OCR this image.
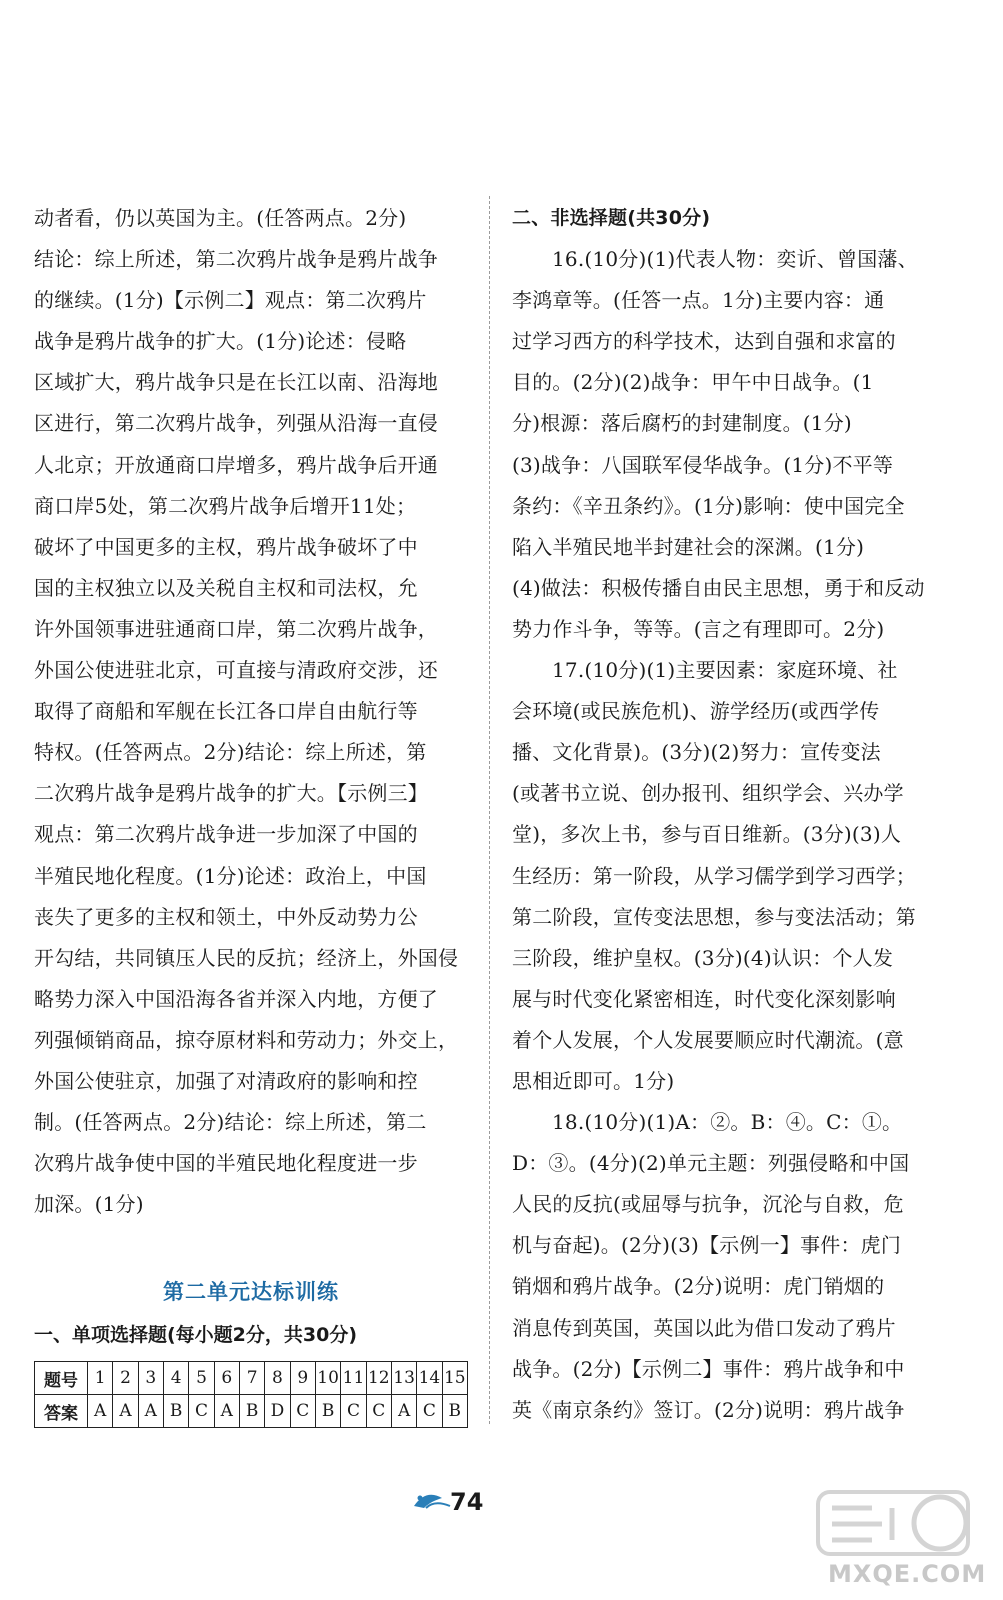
动者看，仍以英国为主。(任答两点。2分)
结论：综上所述，第二次鸦片战争是鸦片战争
的继续。(1分)【示例二】观点：第二次鸦片
战争是鸦片战争的扩大。(1分)论述：侵略
区域扩大，鸦片战争只是在长江以南、沿海地
区进行，第二次鸦片战争，列强从沿海一直侵
人北京；开放通商口岸增多，鸦片战争后开通
商口岸5处，第二次鸦片战争后增开11处；
破坏了中国更多的主权，鸦片战争破坏了中
国的主权独立以及关税自主权和司法权，允
许外国领事进驻通商口岸，第二次鸦片战争，
外国公使进驻北京，可直接与清政府交涉，还
取得了商船和军舰在长江各口岸自由航行等
特权。(任答两点。2分)结论：综上所述，第
二次鸦片战争是鸦片战争的扩大。【示例三】
观点：第二次鸦片战争进一步加深了中国的
半殖民地化程度。(1分)论述：政治上，中国
丧失了更多的主权和领土，中外反动势力公
开勾结，共同镇压人民的反抗；经济上，外国侵
略势力深入中国沿海各省并深入内地，方便了
列强倾销商品，掠夺原材料和劳动力；外交上，
外国公使驻京，加强了对清政府的影响和控
制。(任答两点。2分)结论：综上所述，第二
次鸦片战争使中国的半殖民地化程度进一步
加深。(1分)
第二单元达标训练
一、单项选择题(每小题2分，共30分)
题号	1	2	3	4	5	6	7	8	9	10	11	12	13	14	15
答案	A	A	A	B	C	A	B	D	C	B	C	C	A	C	B
二、非选择题(共30分)
16.(10分)(1)代表人物：奕䜣、曾国藩、
李鸿章等。(任答一点。1分)主要内容：通
过学习西方的科学技术，达到自强和求富的
目的。(2分)(2)战争：甲午中日战争。(1
分)根源：落后腐朽的封建制度。(1分)
(3)战争：八国联军侵华战争。(1分)不平等
条约：《辛丑条约》。(1分)影响：使中国完全
陷入半殖民地半封建社会的深渊。(1分)
(4)做法：积极传播自由民主思想，勇于和反动
势力作斗争，等等。(言之有理即可。2分)
17.(10分)(1)主要因素：家庭环境、社
会环境(或民族危机)、游学经历(或西学传
播、文化背景)。(3分)(2)努力：宣传变法
(或著书立说、创办报刊、组织学会、兴办学
堂)，多次上书，参与百日维新。(3分)(3)人
生经历：第一阶段，从学习儒学到学习西学；
第二阶段，宣传变法思想，参与变法活动；第
三阶段，维护皇权。(3分)(4)认识：个人发
展与时代变化紧密相连，时代变化深刻影响
着个人发展，个人发展要顺应时代潮流。(意
思相近即可。1分)
18.(10分)(1)A：②。B：④。C：①。
D：③。(4分)(2)单元主题：列强侵略和中国
人民的反抗(或屈辱与抗争，沉沦与自救，危
机与奋起)。(2分)(3)【示例一】事件：虎门
销烟和鸦片战争。(2分)说明：虎门销烟的
消息传到英国，英国以此为借口发动了鸦片
战争。(2分)【示例二】事件：鸦片战争和中
英《南京条约》签订。(2分)说明：鸦片战争
74
MXQE.COM
